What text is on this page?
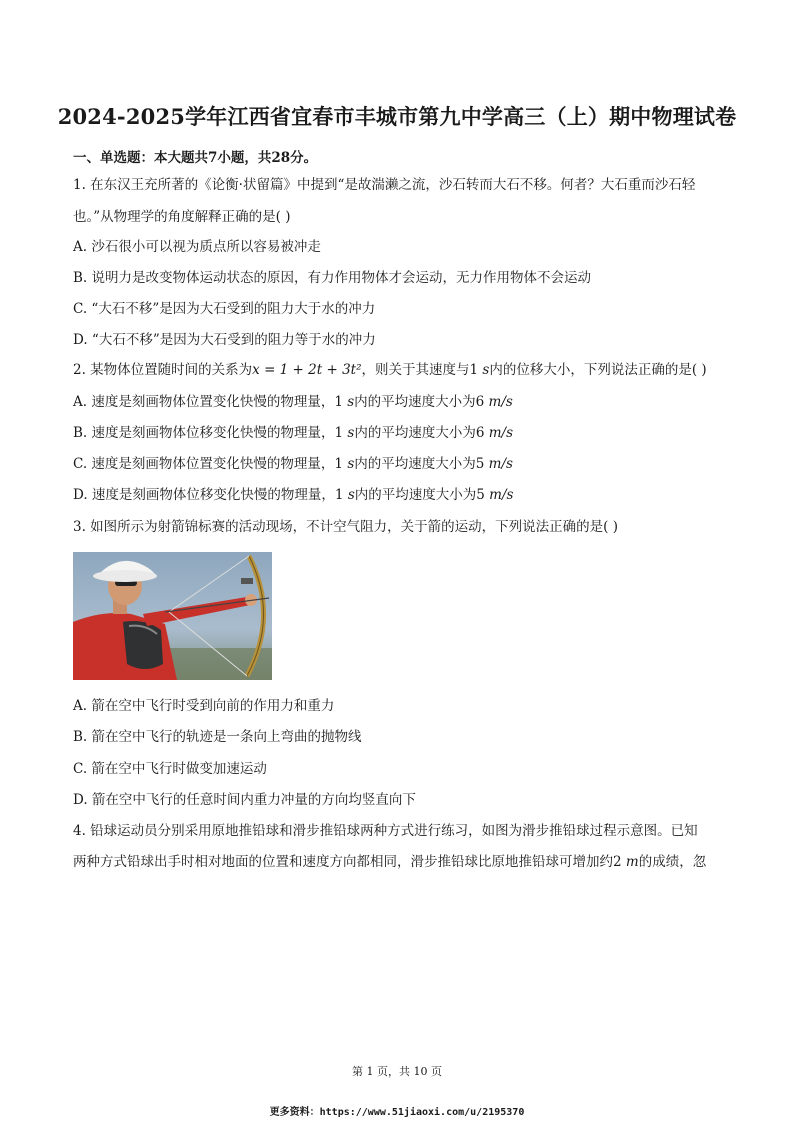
2024-2025学年江西省宜春市丰城市第九中学高三（上）期中物理试卷
一、单选题：本大题共7小题，共28分。
1. 在东汉王充所著的《论衡·状留篇》中提到“是故湍濑之流，沙石转而大石不移。何者？大石重而沙石轻
也。”从物理学的角度解释正确的是( )
A. 沙石很小可以视为质点所以容易被冲走
B. 说明力是改变物体运动状态的原因，有力作用物体才会运动，无力作用物体不会运动
C. “大石不移”是因为大石受到的阻力大于水的冲力
D. “大石不移”是因为大石受到的阻力等于水的冲力
2. 某物体位置随时间的关系为x = 1 + 2t + 3t²，则关于其速度与1 s内的位移大小，下列说法正确的是( )
A. 速度是刻画物体位置变化快慢的物理量，1 s内的平均速度大小为6 m/s
B. 速度是刻画物体位移变化快慢的物理量，1 s内的平均速度大小为6 m/s
C. 速度是刻画物体位置变化快慢的物理量，1 s内的平均速度大小为5 m/s
D. 速度是刻画物体位移变化快慢的物理量，1 s内的平均速度大小为5 m/s
3. 如图所示为射箭锦标赛的活动现场，不计空气阻力，关于箭的运动，下列说法正确的是( )
A. 箭在空中飞行时受到向前的作用力和重力
B. 箭在空中飞行的轨迹是一条向上弯曲的抛物线
C. 箭在空中飞行时做变加速运动
D. 箭在空中飞行的任意时间内重力冲量的方向均竖直向下
4. 铅球运动员分别采用原地推铅球和滑步推铅球两种方式进行练习，如图为滑步推铅球过程示意图。已知
两种方式铅球出手时相对地面的位置和速度方向都相同，滑步推铅球比原地推铅球可增加约2 m的成绩，忽
第 1 页，共 10 页
更多资料：https://www.51jiaoxi.com/u/2195370
